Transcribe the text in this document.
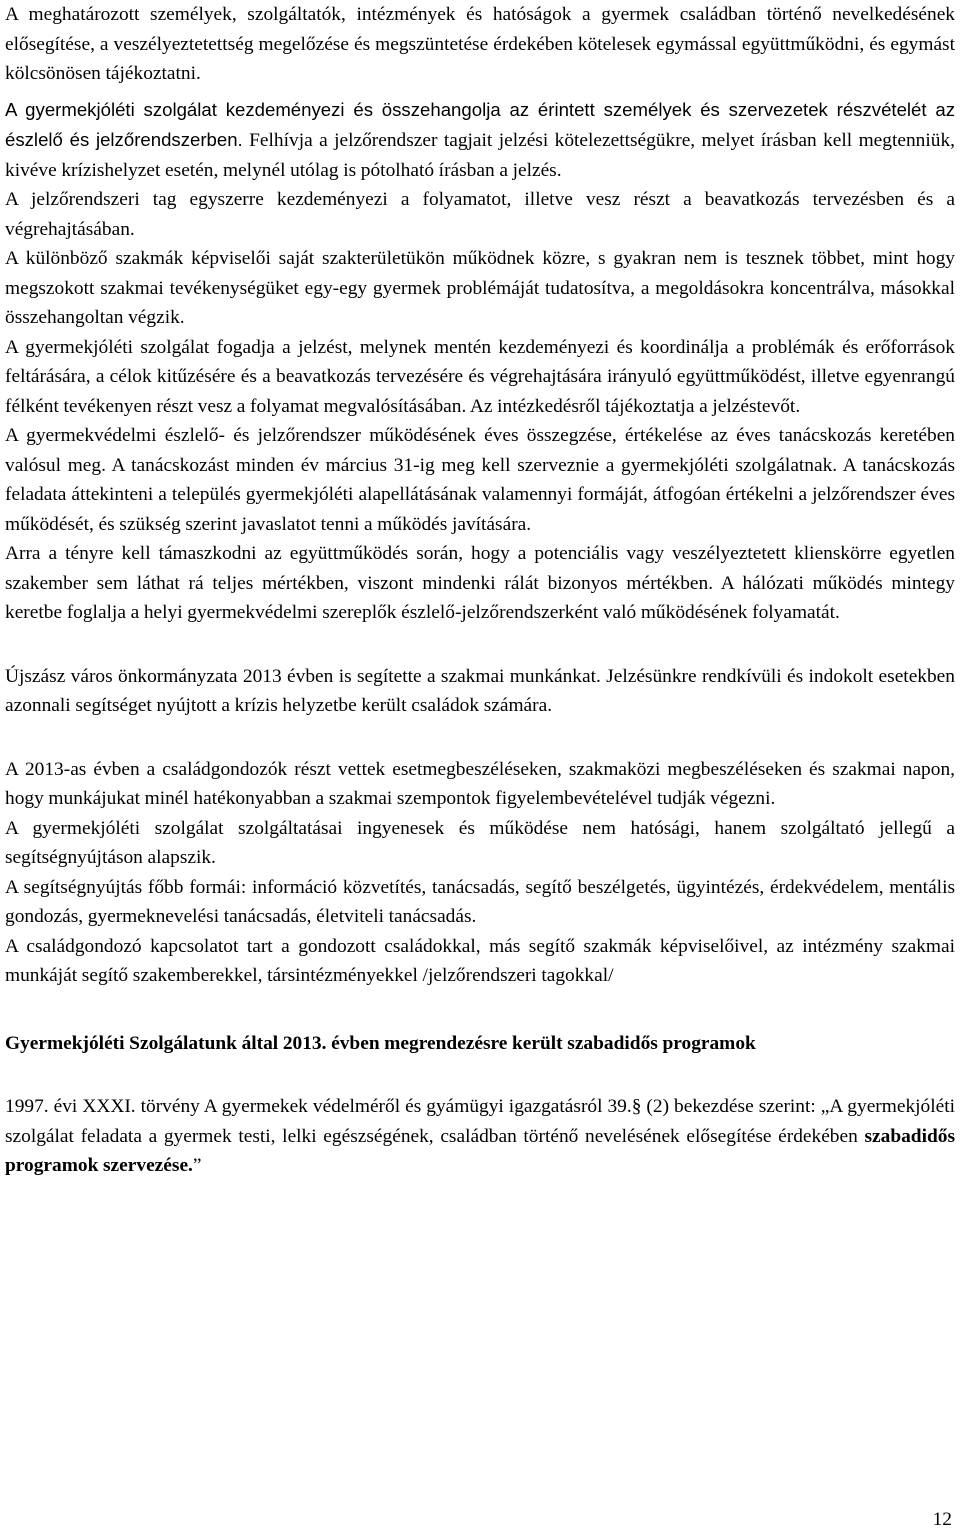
A meghatározott személyek, szolgáltatók, intézmények és hatóságok a gyermek családban történő nevelkedésének elősegítése, a veszélyeztetettség megelőzése és megszüntetése érdekében kötelesek egymással együttműködni, és egymást kölcsönösen tájékoztatni.

A gyermekjóléti szolgálat kezdeményezi és összehangolja az érintett személyek és szervezetek részvételét az észlelő és jelzőrendszerben. Felhívja a jelzőrendszer tagjait jelzési kötelezettségükre, melyet írásban kell megtenniük, kivéve krízishelyzet esetén, melynél utólag is pótolható írásban a jelzés.

A jelzőrendszeri tag egyszerre kezdeményezi a folyamatot, illetve vesz részt a beavatkozás tervezésben és a végrehajtásában.

A különböző szakmák képviselői saját szakterületükön működnek közre, s gyakran nem is tesznek többet, mint hogy megszokott szakmai tevékenységüket egy-egy gyermek problémáját tudatosítva, a megoldásokra koncentrálva, másokkal összehangoltan végzik.

A gyermekjóléti szolgálat fogadja a jelzést, melynek mentén kezdeményezi és koordinálja a problémák és erőforrások feltárására, a célok kitűzésére és a beavatkozás tervezésére és végrehajtására irányuló együttműködést, illetve egyenrangú félként tevékenyen részt vesz a folyamat megvalósításában. Az intézkedésről tájékoztatja a jelzéstevőt.

A gyermekvédelmi észlelő- és jelzőrendszer működésének éves összegzése, értékelése az éves tanácskozás keretében valósul meg. A tanácskozást minden év március 31-ig meg kell szerveznie a gyermekjóléti szolgálatnak. A tanácskozás feladata áttekinteni a település gyermekjóléti alapellátásának valamennyi formáját, átfogóan értékelni a jelzőrendszer éves működését, és szükség szerint javaslatot tenni a működés javítására.

Arra a tényre kell támaszkodni az együttműködés során, hogy a potenciális vagy veszélyeztetett klienskörre egyetlen szakember sem láthat rá teljes mértékben, viszont mindenki rálát bizonyos mértékben. A hálózati működés mintegy keretbe foglalja a helyi gyermekvédelmi szereplők észlelő-jelzőrendszerként való működésének folyamatát.

Újszász város önkormányzata 2013 évben is segítette a szakmai munkánkat. Jelzésünkre rendkívüli és indokolt esetekben azonnali segítséget nyújtott a krízis helyzetbe került családok számára.

A 2013-as évben a családgondozók részt vettek esetmegbeszéléseken, szakmaközi megbeszéléseken és szakmai napon, hogy munkájukat minél hatékonyabban a szakmai szempontok figyelembevételével tudják végezni.

A gyermekjóléti szolgálat szolgáltatásai ingyenesek és működése nem hatósági, hanem szolgáltató jellegű a segítségnyújtáson alapszik.

A segítségnyújtás főbb formái: információ közvetítés, tanácsadás, segítő beszélgetés, ügyintézés, érdekvédelem, mentális gondozás, gyermeknevelési tanácsadás, életviteli tanácsadás.

A családgondozó kapcsolatot tart a gondozott családokkal, más segítő szakmák képviselőivel, az intézmény szakmai munkáját segítő szakemberekkel, társintézményekkel /jelzőrendszeri tagokkal/

Gyermekjóléti Szolgálatunk által 2013. évben megrendezésre került szabadidős programok

1997. évi XXXI. törvény A gyermekek védelméről és gyámügyi igazgatásról 39.§ (2) bekezdése szerint: „A gyermekjóléti szolgálat feladata a gyermek testi, lelki egészségének, családban történő nevelésének elősegítése érdekében szabadidős programok szervezése.”

12
